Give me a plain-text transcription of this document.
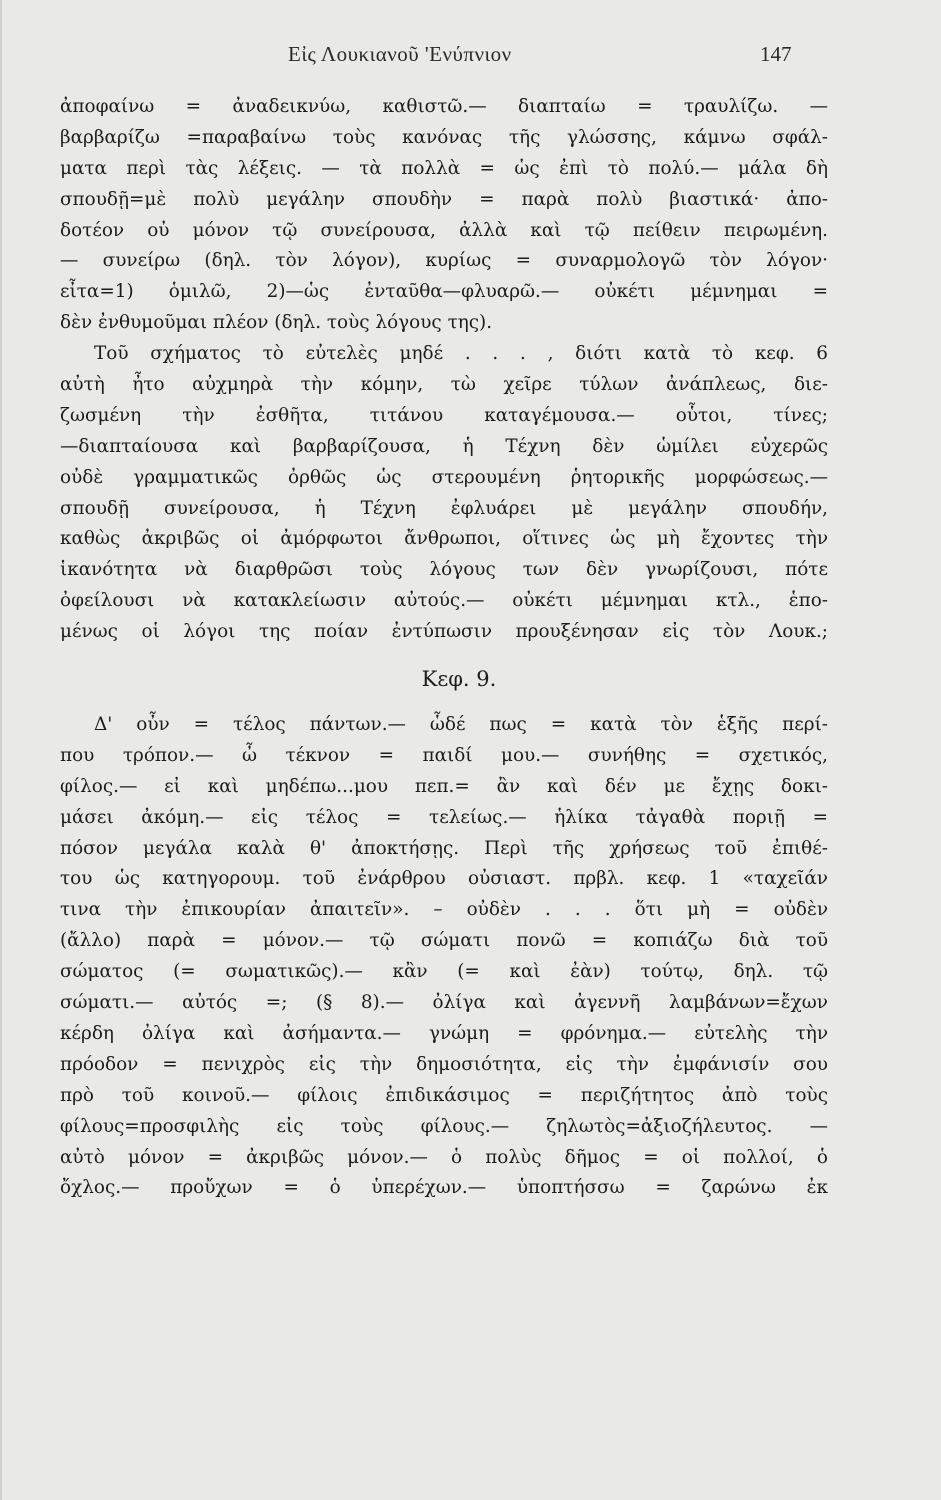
Εἰς Λουκιανοῦ 'Ενύπνιον	147
ἀποφαίνω = ἀναδεικνύω, καθιστῶ.— διαπταίω = τραυλίζω. —
βαρβαρίζω =παραβαίνω τοὺς κανόνας τῆς γλώσσης, κάμνω σφάλ-
ματα περὶ τὰς λέξεις. — τὰ πολλὰ = ὡς ἐπὶ τὸ πολύ.— μάλα δὴ
σπουδῇ=μὲ πολὺ μεγάλην σπουδὴν = παρὰ πολὺ βιαστικά· ἀπο-
δοτέον οὐ μόνον τῷ συνείρουσα, ἀλλὰ καὶ τῷ πείθειν πειρωμένη.
— συνείρω (δηλ. τὸν λόγον), κυρίως = συναρμολογῶ τὸν λόγον·
εἶτα=1) ὁμιλῶ, 2)—ὡς ἐνταῦθα—φλυαρῶ.— οὐκέτι μέμνημαι =
δὲν ἐνθυμοῦμαι πλέον (δηλ. τοὺς λόγους της).
Τοῦ σχήματος τὸ εὐτελὲς μηδέ . . . , διότι κατὰ τὸ κεφ. 6
αὐτὴ ἦτο αὐχμηρὰ τὴν κόμην, τὼ χεῖρε τύλων ἀνάπλεως, διε-
ζωσμένη τὴν ἐσθῆτα, τιτάνου καταγέμουσα.— οὗτοι, τίνες;
—διαπταίουσα καὶ βαρβαρίζουσα, ἡ Τέχνη δὲν ὡμίλει εὐχερῶς
οὐδὲ γραμματικῶς ὀρθῶς ὡς στερουμένη ῥητορικῆς μορφώσεως.—
σπουδῇ συνείρουσα, ἡ Τέχνη ἐφλυάρει μὲ μεγάλην σπουδήν,
καθὼς ἀκριβῶς οἱ ἀμόρφωτοι ἄνθρωποι, οἵτινες ὡς μὴ ἔχοντες τὴν
ἱκανότητα νὰ διαρθρῶσι τοὺς λόγους των δὲν γνωρίζουσι, πότε
ὀφείλουσι νὰ κατακλείωσιν αὐτούς.— οὐκέτι μέμνημαι κτλ., ἑπο-
μένως οἱ λόγοι της ποίαν ἐντύπωσιν προυξένησαν εἰς τὸν Λουκ.;
Κεφ. 9.
Δ' οὖν = τέλος πάντων.— ὧδέ πως = κατὰ τὸν ἑξῆς περί-
που τρόπον.— ὦ τέκνον = παιδί μου.— συνήθης = σχετικός,
φίλος.— εἰ καὶ μηδέπω...μου πεπ.= ἂν καὶ δέν με ἔχῃς δοκι-
μάσει ἀκόμη.— εἰς τέλος = τελείως.— ἡλίκα τἀγαθὰ ποριῇ =
πόσον μεγάλα καλὰ θ' ἀποκτήσῃς. Περὶ τῆς χρήσεως τοῦ ἐπιθέ-
του ὡς κατηγορουμ. τοῦ ἐνάρθρου οὐσιαστ. πρβλ. κεφ. 1 «ταχεῖάν
τινα τὴν ἐπικουρίαν ἀπαιτεῖν». – οὐδὲν . . . ὅτι μὴ = οὐδὲν
(ἄλλο) παρὰ = μόνον.— τῷ σώματι πονῶ = κοπιάζω διὰ τοῦ
σώματος (= σωματικῶς).— κἂν (= καὶ ἐὰν) τούτῳ, δηλ. τῷ
σώματι.— αὐτός =; (§ 8).— ὀλίγα καὶ ἀγεννῆ λαμβάνων=ἔχων
κέρδη ὀλίγα καὶ ἀσήμαντα.— γνώμη = φρόνημα.— εὐτελὴς τὴν
πρόοδον = πενιχρὸς εἰς τὴν δημοσιότητα, εἰς τὴν ἐμφάνισίν σου
πρὸ τοῦ κοινοῦ.— φίλοις ἐπιδικάσιμος = περιζήτητος ἀπὸ τοὺς
φίλους=προσφιλὴς εἰς τοὺς φίλους.— ζηλωτὸς=ἀξιοζήλευτος. —
αὐτὸ μόνον = ἀκριβῶς μόνον.— ὁ πολὺς δῆμος = οἱ πολλοί, ὁ
ὄχλος.— προὔχων = ὁ ὑπερέχων.— ὑποπτήσσω = ζαρώνω ἐκ
